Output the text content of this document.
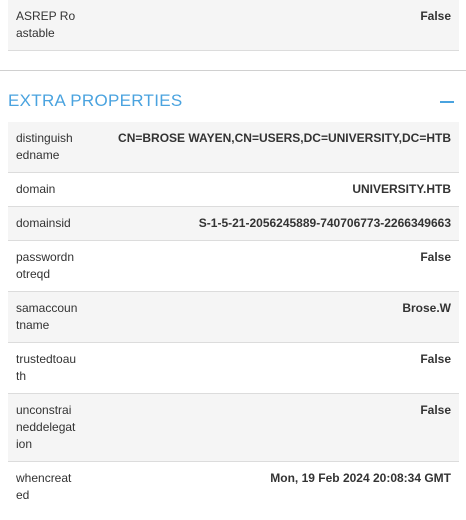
ASREP Roastable
False
EXTRA PROPERTIES
distinguishedname
CN=BROSE WAYEN,CN=USERS,DC=UNIVERSITY,DC=HTB
domain	UNIVERSITY.HTB
domainsid	S-1-5-21-2056245889-740706773-2266349663
passwordnotreqd
False
samaccountname
Brose.W
trustedtoauth
False
unconstraineddelegation
False
whencreated
Mon, 19 Feb 2024 20:08:34 GMT
